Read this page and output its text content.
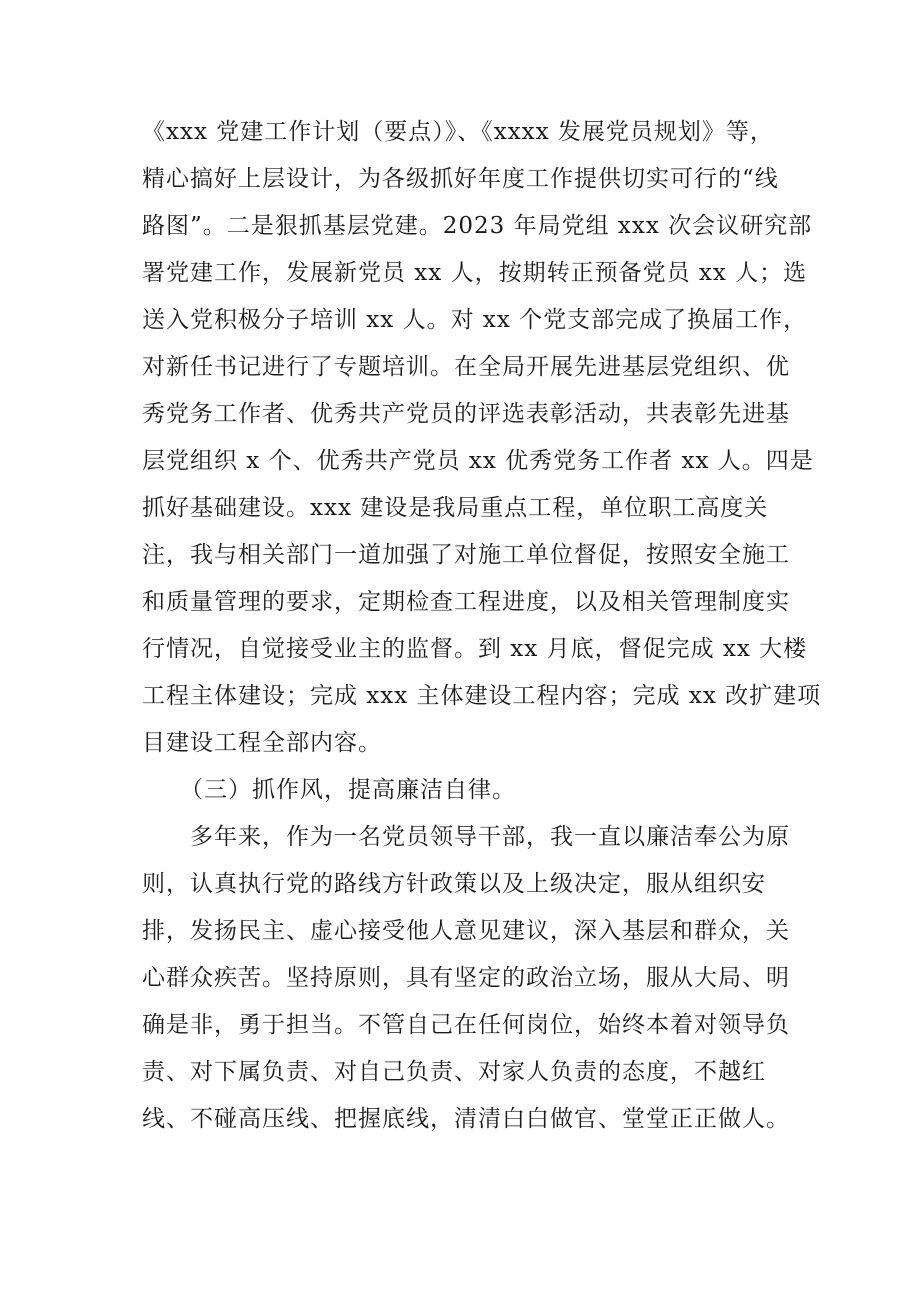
《xxx 党建工作计划（要点）》、《xxxx 发展党员规划》等，
精心搞好上层设计，为各级抓好年度工作提供切实可行的“线
路图”。二是狠抓基层党建。2023 年局党组 xxx 次会议研究部
署党建工作，发展新党员 xx 人，按期转正预备党员 xx 人；选
送入党积极分子培训 xx 人。对 xx 个党支部完成了换届工作，
对新任书记进行了专题培训。在全局开展先进基层党组织、优
秀党务工作者、优秀共产党员的评选表彰活动，共表彰先进基
层党组织 x 个、优秀共产党员 xx 优秀党务工作者 xx 人。四是
抓好基础建设。xxx 建设是我局重点工程，单位职工高度关
注，我与相关部门一道加强了对施工单位督促，按照安全施工
和质量管理的要求，定期检查工程进度，以及相关管理制度实
行情况，自觉接受业主的监督。到 xx 月底，督促完成 xx 大楼
工程主体建设；完成 xxx 主体建设工程内容；完成 xx 改扩建项
目建设工程全部内容。
（三）抓作风，提高廉洁自律。
多年来，作为一名党员领导干部，我一直以廉洁奉公为原
则，认真执行党的路线方针政策以及上级决定，服从组织安
排，发扬民主、虚心接受他人意见建议，深入基层和群众，关
心群众疾苦。坚持原则，具有坚定的政治立场，服从大局、明
确是非，勇于担当。不管自己在任何岗位，始终本着对领导负
责、对下属负责、对自己负责、对家人负责的态度，不越红
线、不碰高压线、把握底线，清清白白做官、堂堂正正做人。
